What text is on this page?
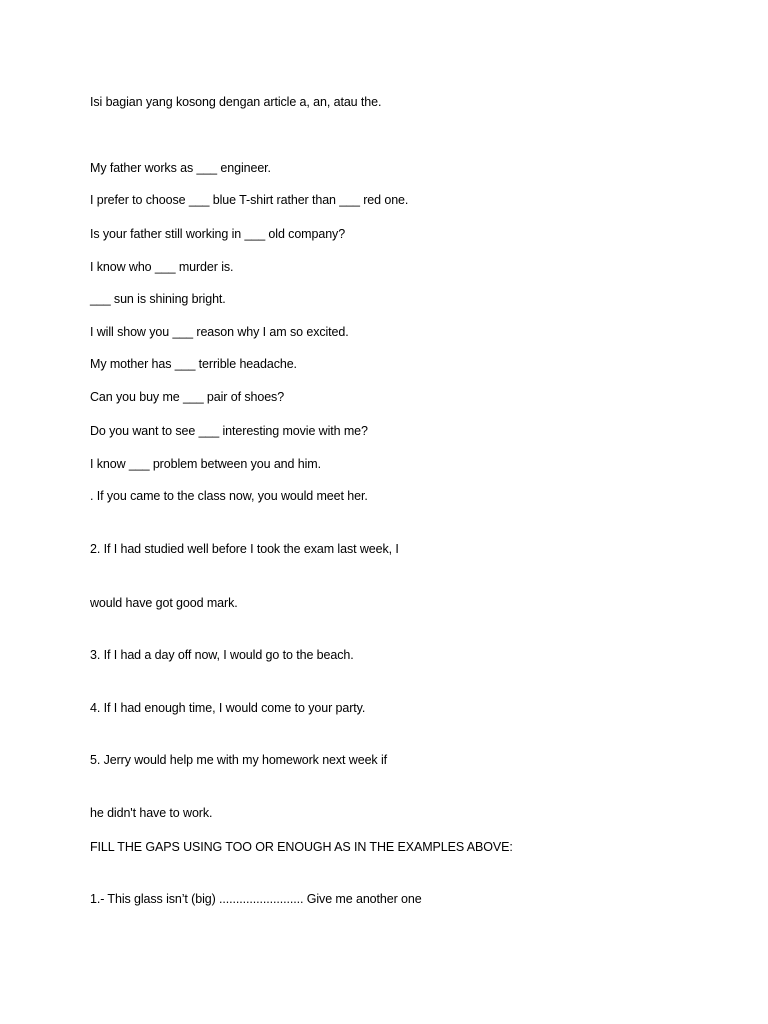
Isi bagian yang kosong dengan article a, an, atau the.
My father works as ___ engineer.
I prefer to choose ___ blue T-shirt rather than ___ red one.
Is your father still working in ___ old company?
I know who ___ murder is.
___ sun is shining bright.
I will show you ___ reason why I am so excited.
My mother has ___ terrible headache.
Can you buy me ___ pair of shoes?
Do you want to see ___ interesting movie with me?
I know ___ problem between you and him.
. If you came to the class now, you would meet her.
2. If I had studied well before I took the exam last week, I
would have got good mark.
3. If I had a day off now, I would go to the beach.
4. If I had enough time, I would come to your party.
5. Jerry would help me with my homework next week if
he didn't have to work.
FILL THE GAPS USING TOO OR ENOUGH AS IN THE EXAMPLES ABOVE:
1.- This glass isn’t (big) ......................... Give me another one
